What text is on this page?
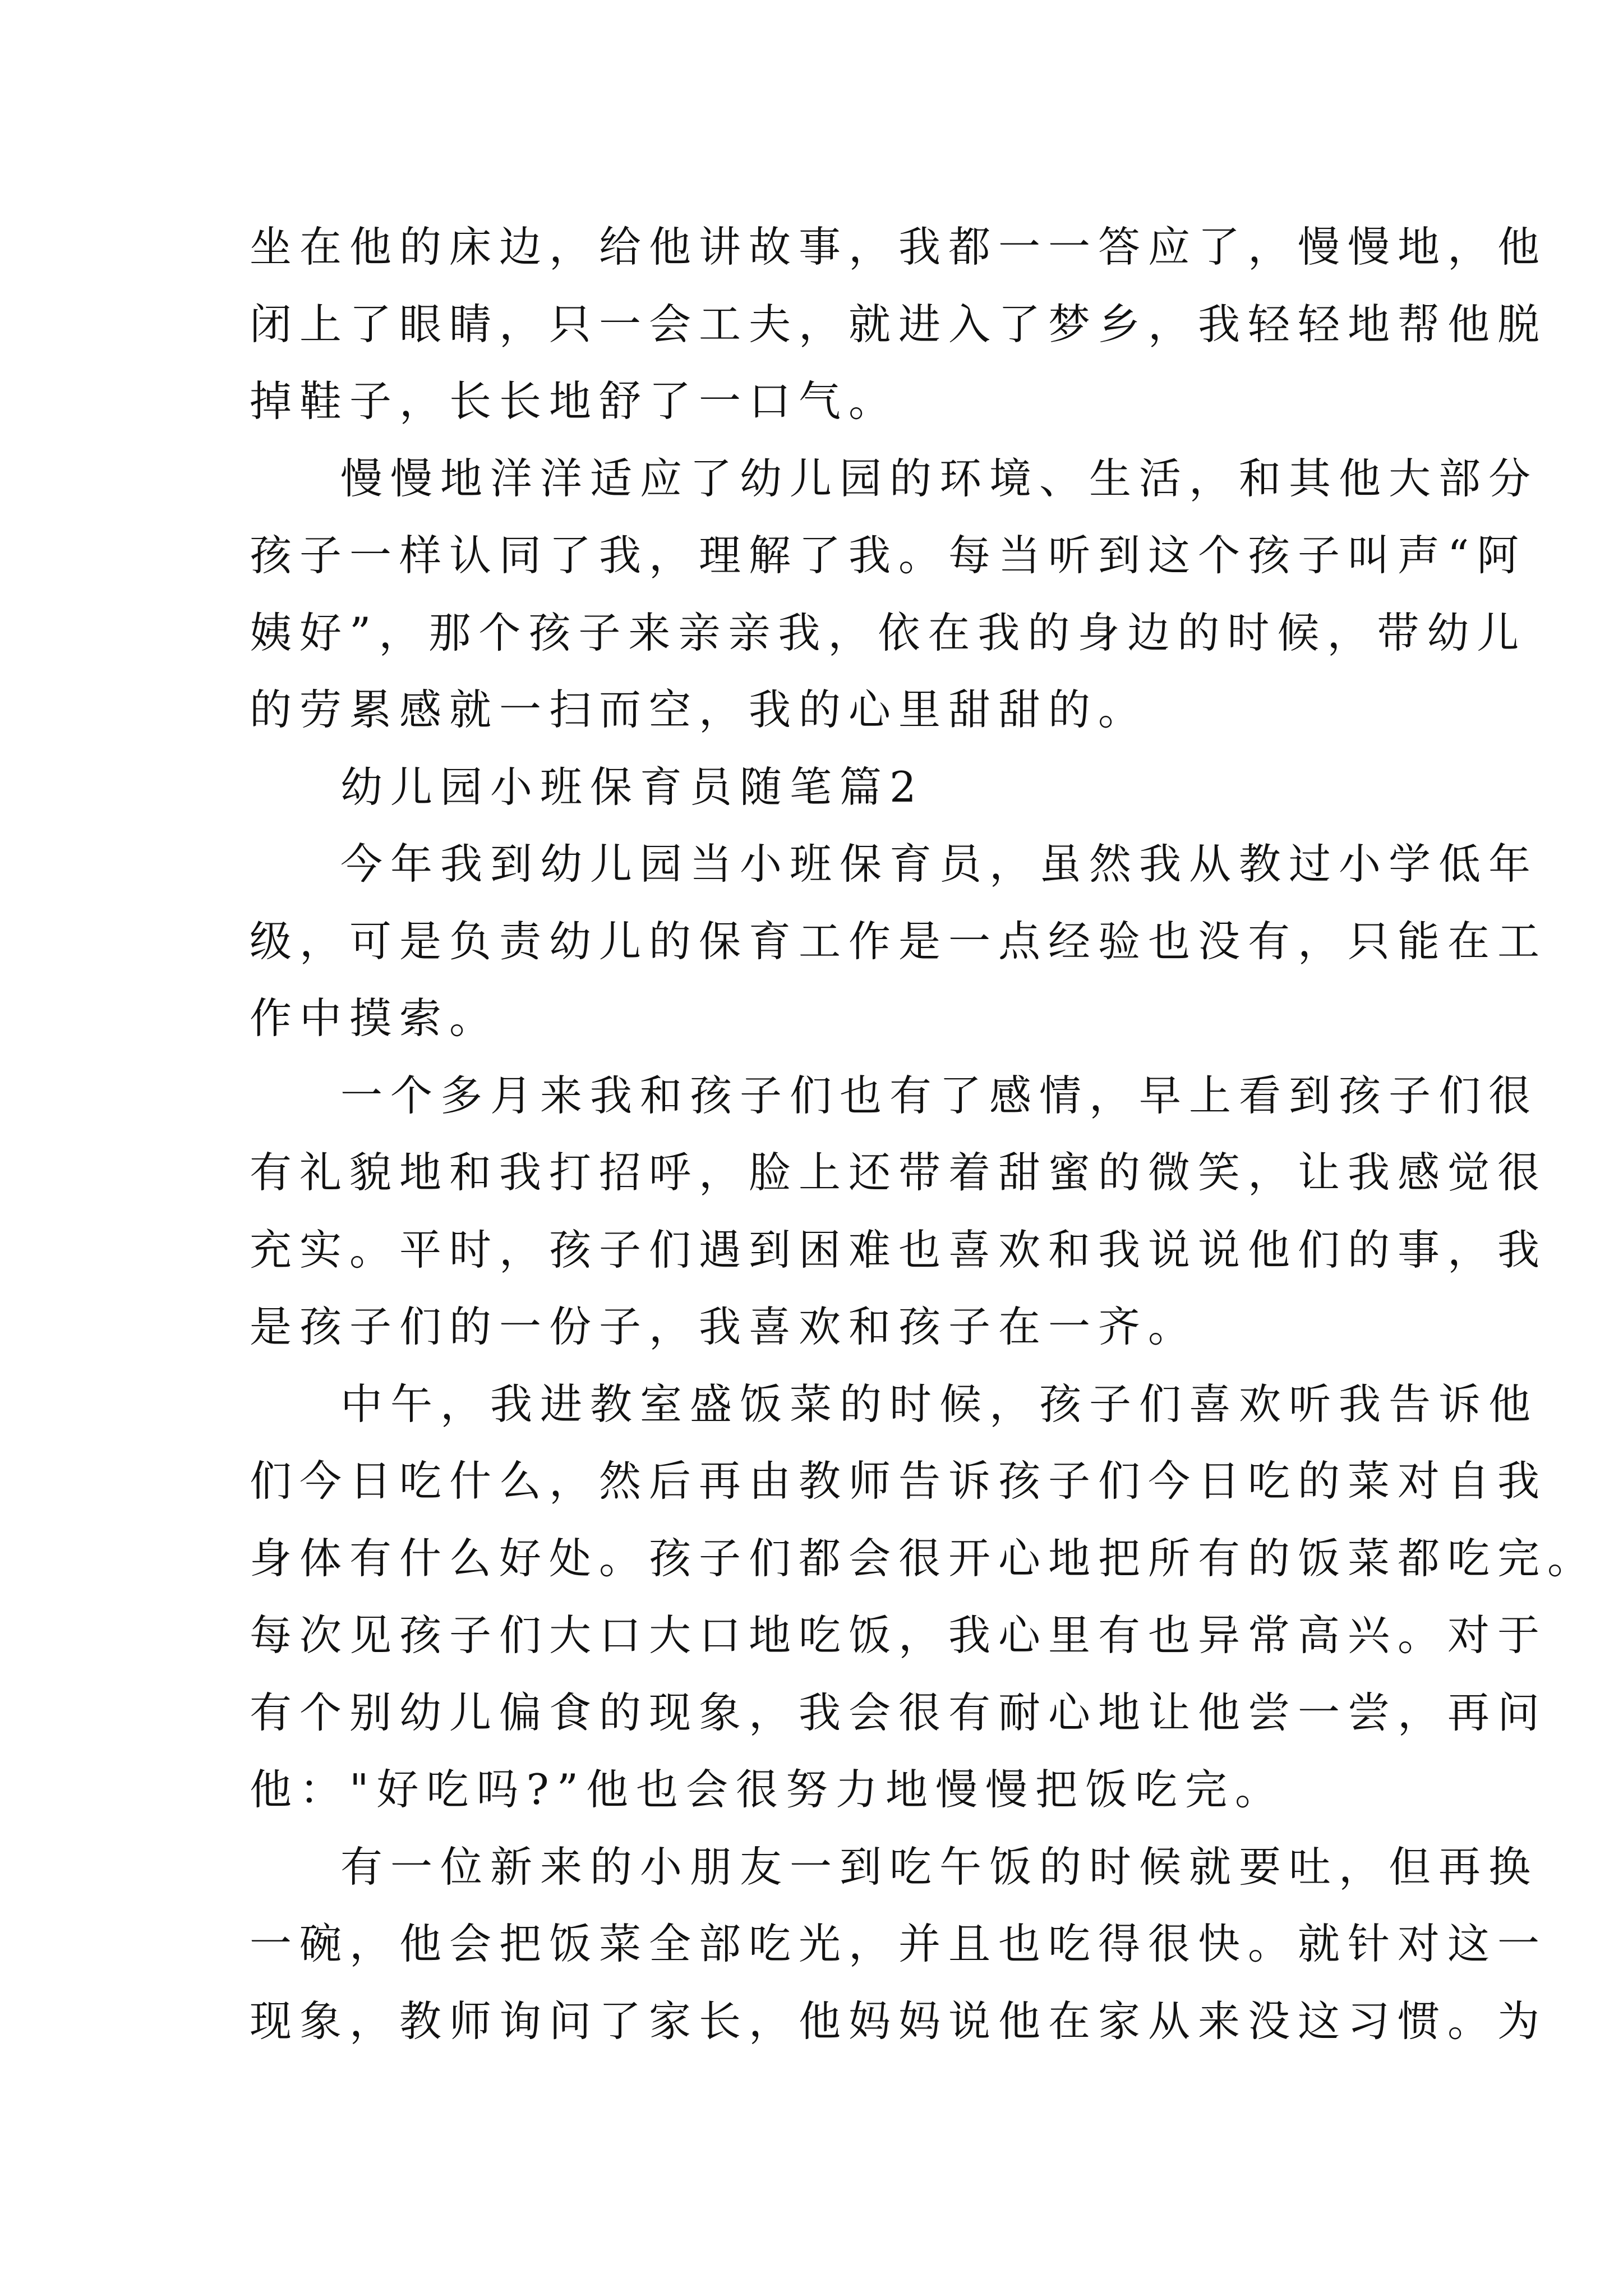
坐在他的床边，给他讲故事，我都一一答应了，慢慢地，他
闭上了眼睛，只一会工夫，就进入了梦乡，我轻轻地帮他脱
掉鞋子，长长地舒了一口气。
慢慢地洋洋适应了幼儿园的环境、生活，和其他大部分
孩子一样认同了我，理解了我。每当听到这个孩子叫声“阿
姨好”，那个孩子来亲亲我，依在我的身边的时候，带幼儿
的劳累感就一扫而空，我的心里甜甜的。
幼儿园小班保育员随笔篇2
今年我到幼儿园当小班保育员，虽然我从教过小学低年
级，可是负责幼儿的保育工作是一点经验也没有，只能在工
作中摸索。
一个多月来我和孩子们也有了感情，早上看到孩子们很
有礼貌地和我打招呼，脸上还带着甜蜜的微笑，让我感觉很
充实。平时，孩子们遇到困难也喜欢和我说说他们的事，我
是孩子们的一份子，我喜欢和孩子在一齐。
中午，我进教室盛饭菜的时候，孩子们喜欢听我告诉他
们今日吃什么，然后再由教师告诉孩子们今日吃的菜对自我
身体有什么好处。孩子们都会很开心地把所有的饭菜都吃完。
每次见孩子们大口大口地吃饭，我心里有也异常高兴。对于
有个别幼儿偏食的现象，我会很有耐心地让他尝一尝，再问
他："好吃吗?”他也会很努力地慢慢把饭吃完。
有一位新来的小朋友一到吃午饭的时候就要吐，但再换
一碗，他会把饭菜全部吃光，并且也吃得很快。就针对这一
现象，教师询问了家长，他妈妈说他在家从来没这习惯。为
